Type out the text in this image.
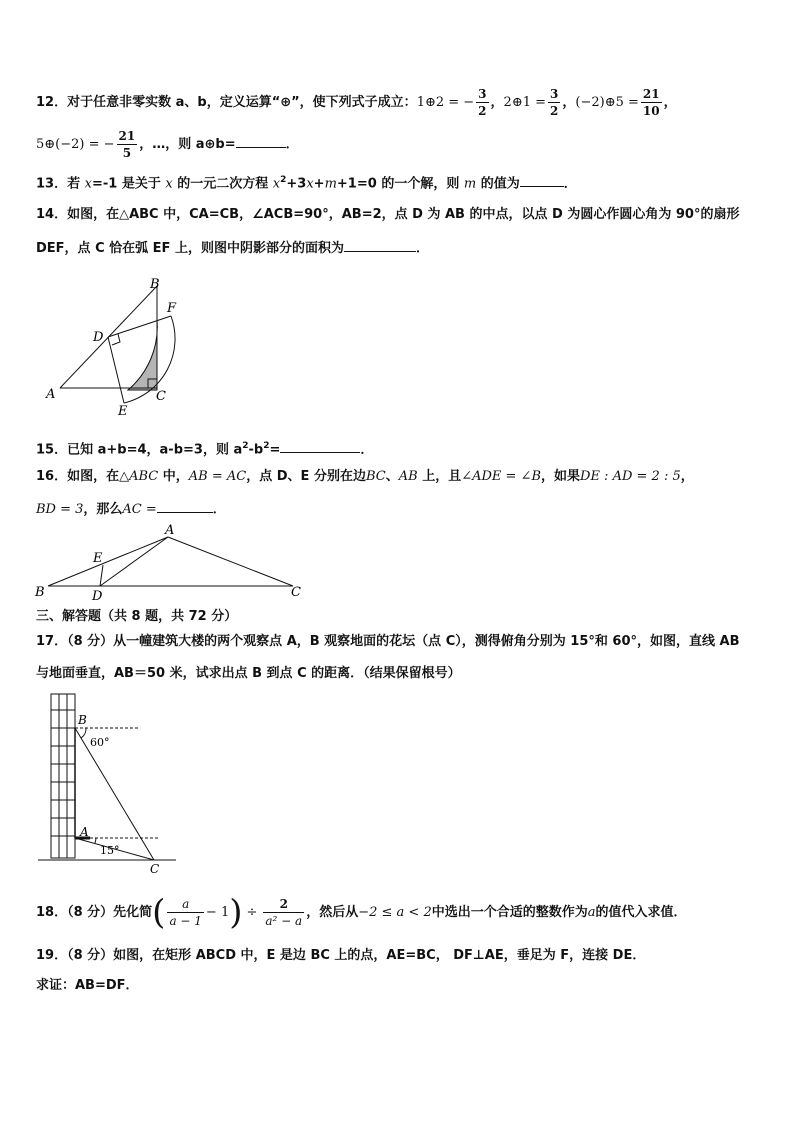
12．对于任意非零实数 a、b，定义运算“⊕”，使下列式子成立：1⊕2 = − $\frac{3}{2}$ ，2⊕1 = $\frac{3}{2}$ ，(−2)⊕5 = $\frac{21}{10}$ ，
5⊕(−2) = − $\frac{21}{5}$ ，…，则 a⊕b=	．
13．若 x=-1 是关于 x 的一元二次方程 $x^2+3x+m+1=0$ 的一个解，则 m 的值为	．
14．如图，在△ABC 中，CA=CB，∠ACB=90°，AB=2，点 D 为 AB 的中点，以点 D 为圆心作圆心角为 90°的扇形
DEF，点 C 恰在弧 EF 上，则图中阴影部分的面积为	．
A
B
C
D
E
F
15．已知 a+b=4，a-b=3，则 $a^2-b^2=$	．
16．如图，在△ABC 中，AB = AC，点 D、E 分别在边BC、AB 上，且∠ADE = ∠B，如果DE : AD = 2 : 5，
BD = 3，那么AC =	．
A
B	C
D
E
三、解答题（共 8 题，共 72 分）
17．（8 分）从一幢建筑大楼的两个观察点 A，B 观察地面的花坛（点 C），测得俯角分别为 15°和 60°，如图，直线 AB
与地面垂直，AB＝50 米，试求出点 B 到点 C 的距离．（结果保留根号）
B
A
C
60°
15°
18．（8 分）先化简( $\frac{a}{a - 1} - 1) \div \frac{2}{\text{a² − a}}$ ，然后从−2 ≤ a < 2中选出一个合适的整数作为a的值代入求值．
19．（8 分）如图，在矩形 ABCD 中，E 是边 BC 上的点，AE=BC， DF⊥AE，垂足为 F，连接 DE．
求证：AB=DF．
